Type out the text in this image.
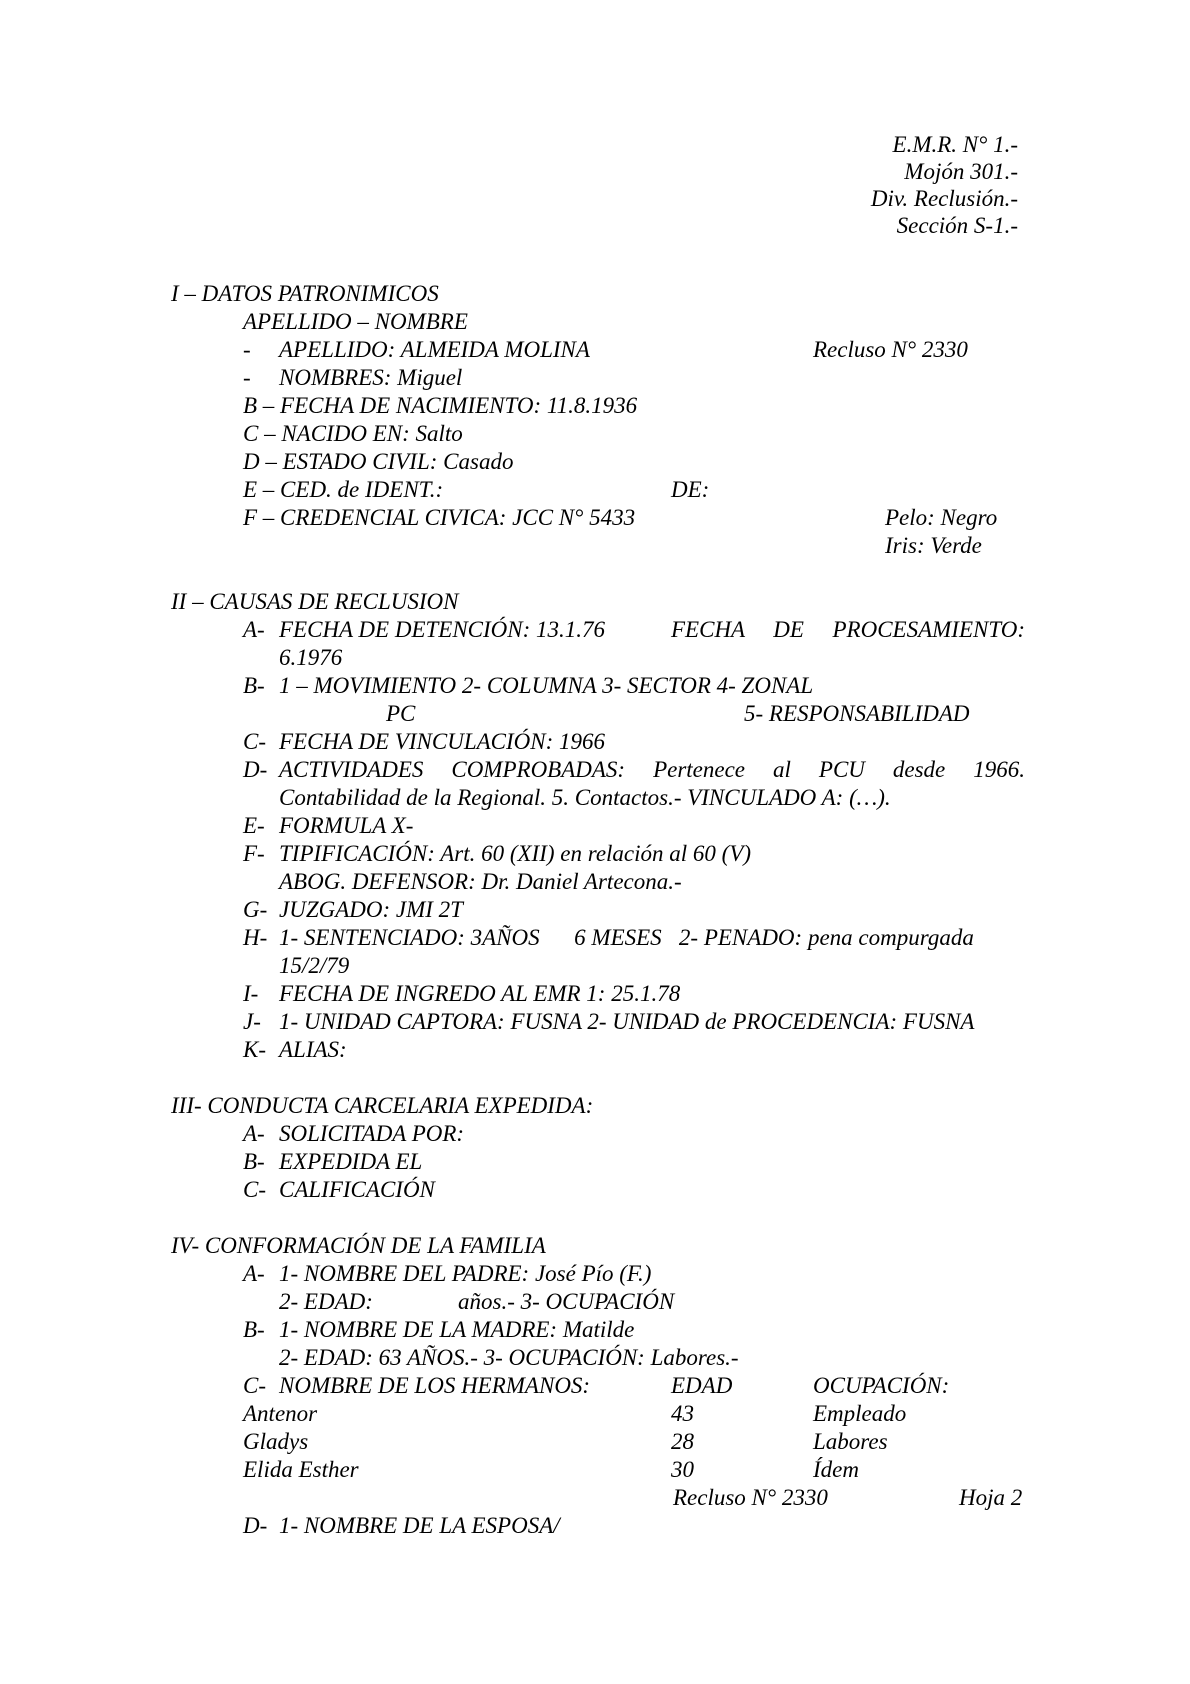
E.M.R. N° 1.-
Mojón 301.-
Div. Reclusión.-
Sección S-1.-
I – DATOS PATRONIMICOS
APELLIDO – NOMBRE
- APELLIDO: ALMEIDA MOLINA	Recluso N° 2330
- NOMBRES: Miguel
B – FECHA DE NACIMIENTO: 11.8.1936
C – NACIDO EN: Salto
D – ESTADO CIVIL: Casado
E – CED. de IDENT.:	DE:
F – CREDENCIAL CIVICA: JCC N° 5433	Pelo: Negro
Iris: Verde
II – CAUSAS DE RECLUSION
A- FECHA DE DETENCIÓN: 13.1.76	FECHA DE PROCESAMIENTO:
6.1976
B- 1 – MOVIMIENTO 2- COLUMNA 3- SECTOR 4- ZONAL
PC	5- RESPONSABILIDAD
C- FECHA DE VINCULACIÓN: 1966
D- ACTIVIDADES COMPROBADAS: Pertenece al PCU desde 1966.
Contabilidad de la Regional. 5. Contactos.- VINCULADO A: (…).
E- FORMULA X-
F- TIPIFICACIÓN: Art. 60 (XII) en relación al 60 (V)
ABOG. DEFENSOR: Dr. Daniel Artecona.-
G- JUZGADO: JMI 2T
H- 1- SENTENCIADO: 3AÑOS      6 MESES   2- PENADO: pena compurgada
15/2/79
I- FECHA DE INGREDO AL EMR 1: 25.1.78
J- 1- UNIDAD CAPTORA: FUSNA 2- UNIDAD de PROCEDENCIA: FUSNA
K- ALIAS:
III- CONDUCTA CARCELARIA EXPEDIDA:
A- SOLICITADA POR:
B- EXPEDIDA EL
C- CALIFICACIÓN
IV- CONFORMACIÓN DE LA FAMILIA
A- 1- NOMBRE DEL PADRE: José Pío (F.)
2- EDAD:	años.- 3- OCUPACIÓN
B- 1- NOMBRE DE LA MADRE: Matilde
2- EDAD: 63 AÑOS.- 3- OCUPACIÓN: Labores.-
C- NOMBRE DE LOS HERMANOS:	EDAD	OCUPACIÓN:
Antenor	43	Empleado
Gladys	28	Labores
Elida Esther	30	Ídem
Recluso N° 2330	Hoja 2
D- 1- NOMBRE DE LA ESPOSA/
